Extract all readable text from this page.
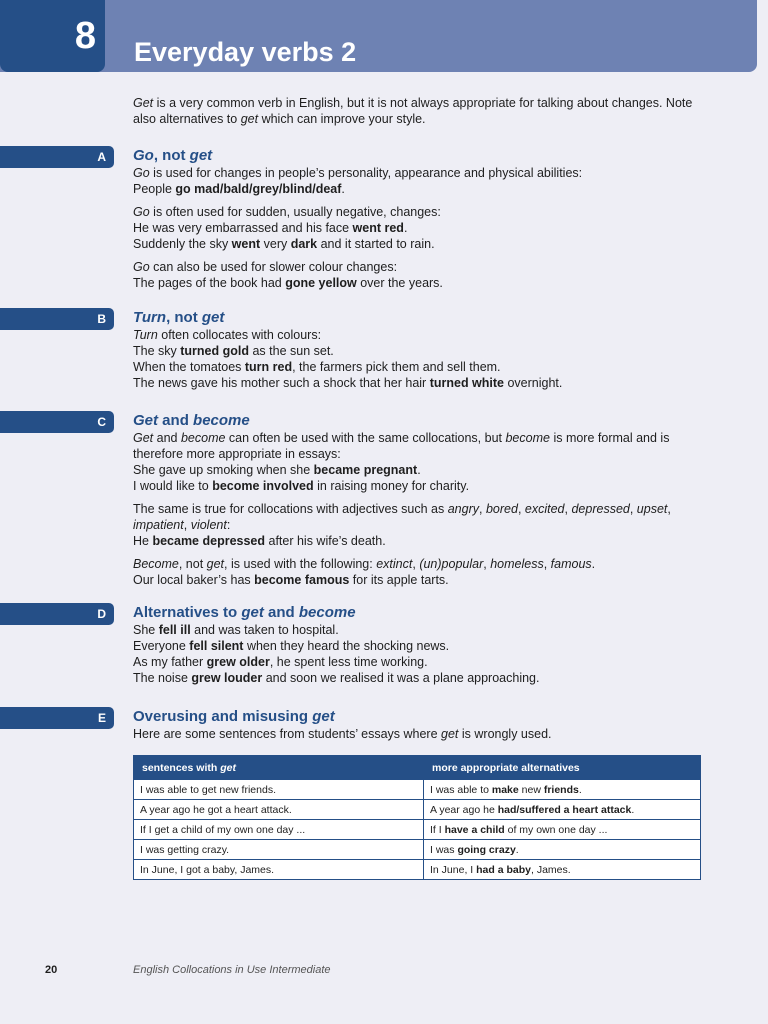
8 Everyday verbs 2
Get is a very common verb in English, but it is not always appropriate for talking about changes. Note also alternatives to get which can improve your style.
A	Go, not get

Go is used for changes in people’s personality, appearance and physical abilities:
People go mad/bald/grey/blind/deaf.

Go is often used for sudden, usually negative, changes:
He was very embarrassed and his face went red.
Suddenly the sky went very dark and it started to rain.

Go can also be used for slower colour changes:
The pages of the book had gone yellow over the years.

B	Turn, not get
Turn often collocates with colours:
The sky turned gold as the sun set.
When the tomatoes turn red, the farmers pick them and sell them.
The news gave his mother such a shock that her hair turned white overnight.
C	Get and become

Get and become can often be used with the same collocations, but become is more formal and is therefore more appropriate in essays:
She gave up smoking when she became pregnant.
I would like to become involved in raising money for charity.

The same is true for collocations with adjectives such as angry, bored, excited, depressed, upset, impatient, violent:
He became depressed after his wife’s death.

Become, not get, is used with the following: extinct, (un)popular, homeless, famous.
Our local baker’s has become famous for its apple tarts.

D	Alternatives to get and become
She fell ill and was taken to hospital.
Everyone fell silent when they heard the shocking news.
As my father grew older, he spent less time working.
The noise grew louder and soon we realised it was a plane approaching.
E	Overusing and misusing get
Here are some sentences from students’ essays where get is wrongly used.
sentences with get	more appropriate alternatives
I was able to get new friends.	I was able to make new friends.
A year ago he got a heart attack.	A year ago he had/suffered a heart attack.
If I get a child of my own one day ...	If I have a child of my own one day ...
I was getting crazy.	I was going crazy.
In June, I got a baby, James.	In June, I had a baby, James.
20	English Collocations in Use Intermediate
